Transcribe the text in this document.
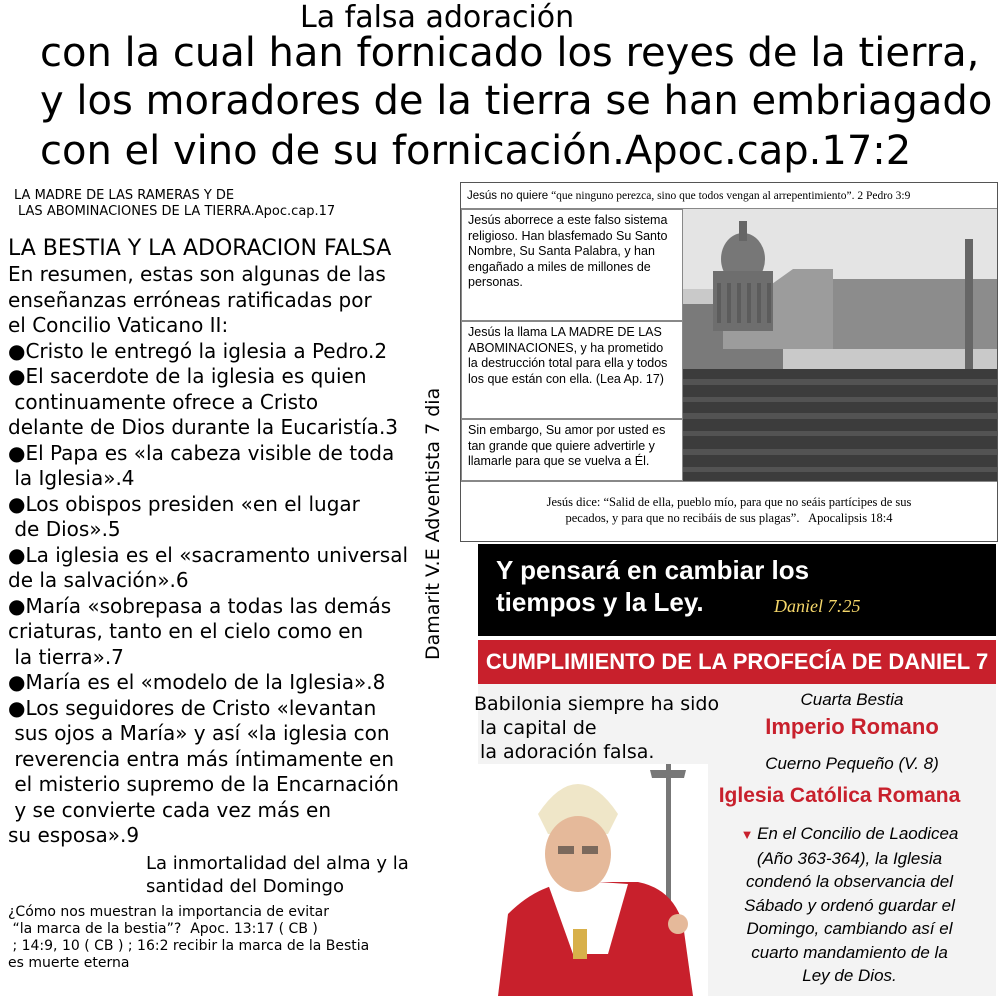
La falsa adoración
con la cual han fornicado los reyes de la tierra,
y los moradores de la tierra se han embriagado
con el vino de su fornicación.Apoc.cap.17:2
LA MADRE DE LAS RAMERAS Y DE
LAS ABOMINACIONES DE LA TIERRA.Apoc.cap.17
LA BESTIA Y LA ADORACION FALSA

En resumen, estas son algunas de las

enseñanzas erróneas ratificadas por

el Concilio Vaticano II:

●Cristo le entregó la iglesia a Pedro.2

●El sacerdote de la iglesia es quien

continuamente ofrece a Cristo

delante de Dios durante la Eucaristía.3

●El Papa es «la cabeza visible de toda

la Iglesia».4

●Los obispos presiden «en el lugar

de Dios».5

●La iglesia es el «sacramento universal

de la salvación».6

●María «sobrepasa a todas las demás

criaturas, tanto en el cielo como en

la tierra».7

●María es el «modelo de la Iglesia».8

●Los seguidores de Cristo «levantan

sus ojos a María» y así «la iglesia con

reverencia entra más íntimamente en

el misterio supremo de la Encarnación

y se convierte cada vez más en

su esposa».9

La inmortalidad del alma y la
santidad del Domingo
¿Cómo nos muestran la importancia de evitar
“la marca de la bestia”?  Apoc. 13:17 ( CB )
; 14:9, 10 ( CB ) ; 16:2 recibir la marca de la Bestia
es muerte eterna
Damarit V.E Adventista 7 dia
Jesús no quiere “que ninguno perezca, sino que todos vengan al arrepentimiento”. 2 Pedro 3:9
Jesús aborrece a este falso sistema religioso. Han blasfemado Su Santo Nombre, Su Santa Palabra, y han engañado a miles de millones de personas.
Jesús la llama LA MADRE DE LAS ABOMINACIONES, y ha prometido la destrucción total para ella y todos los que están con ella. (Lea Ap. 17)
Sin embargo, Su amor por usted es tan grande que quiere advertirle y llamarle para que se vuelva a Él.
Jesús dice: “Salid de ella, pueblo mío, para que no seáis partícipes de sus
pecados, y para que no recibáis de sus plagas”.   Apocalipsis 18:4
Y pensará en cambiar los
tiempos y la Ley.	Daniel 7:25
CUMPLIMIENTO DE LA PROFECÍA DE DANIEL 7
Cuarta Bestia
Imperio Romano
Cuerno Pequeño (V. 8)
Iglesia Católica Romana
▼ En el Concilio de Laodicea
(Año 363-364), la Iglesia
condenó la observancia del
Sábado y ordenó guardar el
Domingo, cambiando así el
cuarto mandamiento de la
Ley de Dios.
Babilonia siempre ha sido
la capital de
la adoración falsa.
